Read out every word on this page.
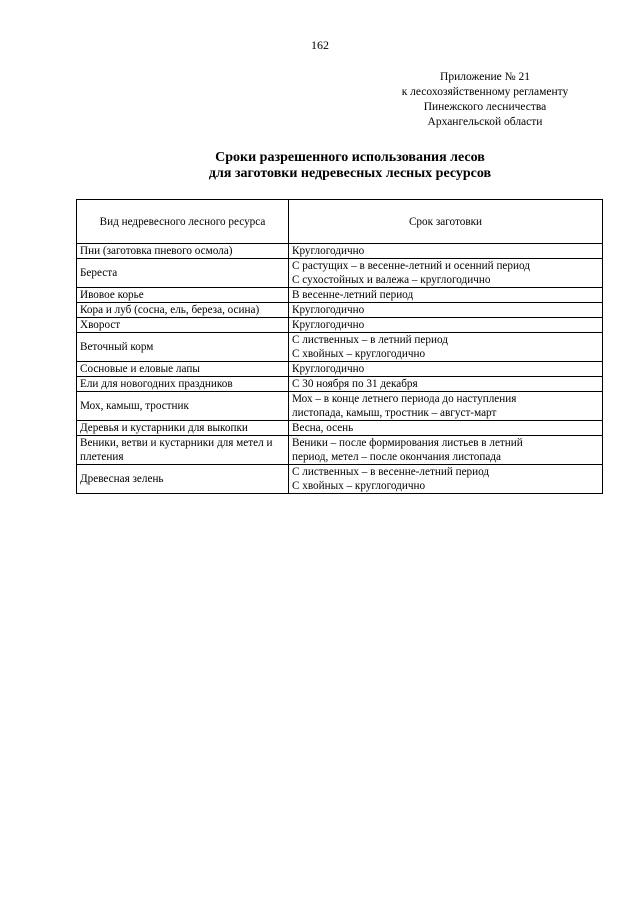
162
Приложение № 21
к лесохозяйственному регламенту
Пинежского лесничества
Архангельской области
Сроки разрешенного использования лесов
для заготовки недревесных лесных ресурсов
Вид недревесного лесного ресурса	Срок заготовки
Пни (заготовка пневого осмола)	Круглогодично

Береста	С растущих – в весенне-летний и осенний период
С сухостойных и валежа – круглогодично

Ивовое корье	В весенне-летний период

Кора и луб (сосна, ель, береза, осина)	Круглогодично

Хворост	Круглогодично

Веточный корм	С лиственных – в летний период
С хвойных – круглогодично

Сосновые и еловые лапы	Круглогодично

Ели для новогодних праздников	С 30 ноября по 31 декабря

Мох, камыш, тростник	Мох – в конце летнего периода до наступления
листопада, камыш, тростник – август-март

Деревья и кустарники для выкопки	Весна, осень

Веники, ветви и кустарники для метел и плетения	Веники – после формирования листьев в летний
период, метел – после окончания листопада

Древесная зелень	С лиственных – в весенне-летний период
С хвойных – круглогодично
